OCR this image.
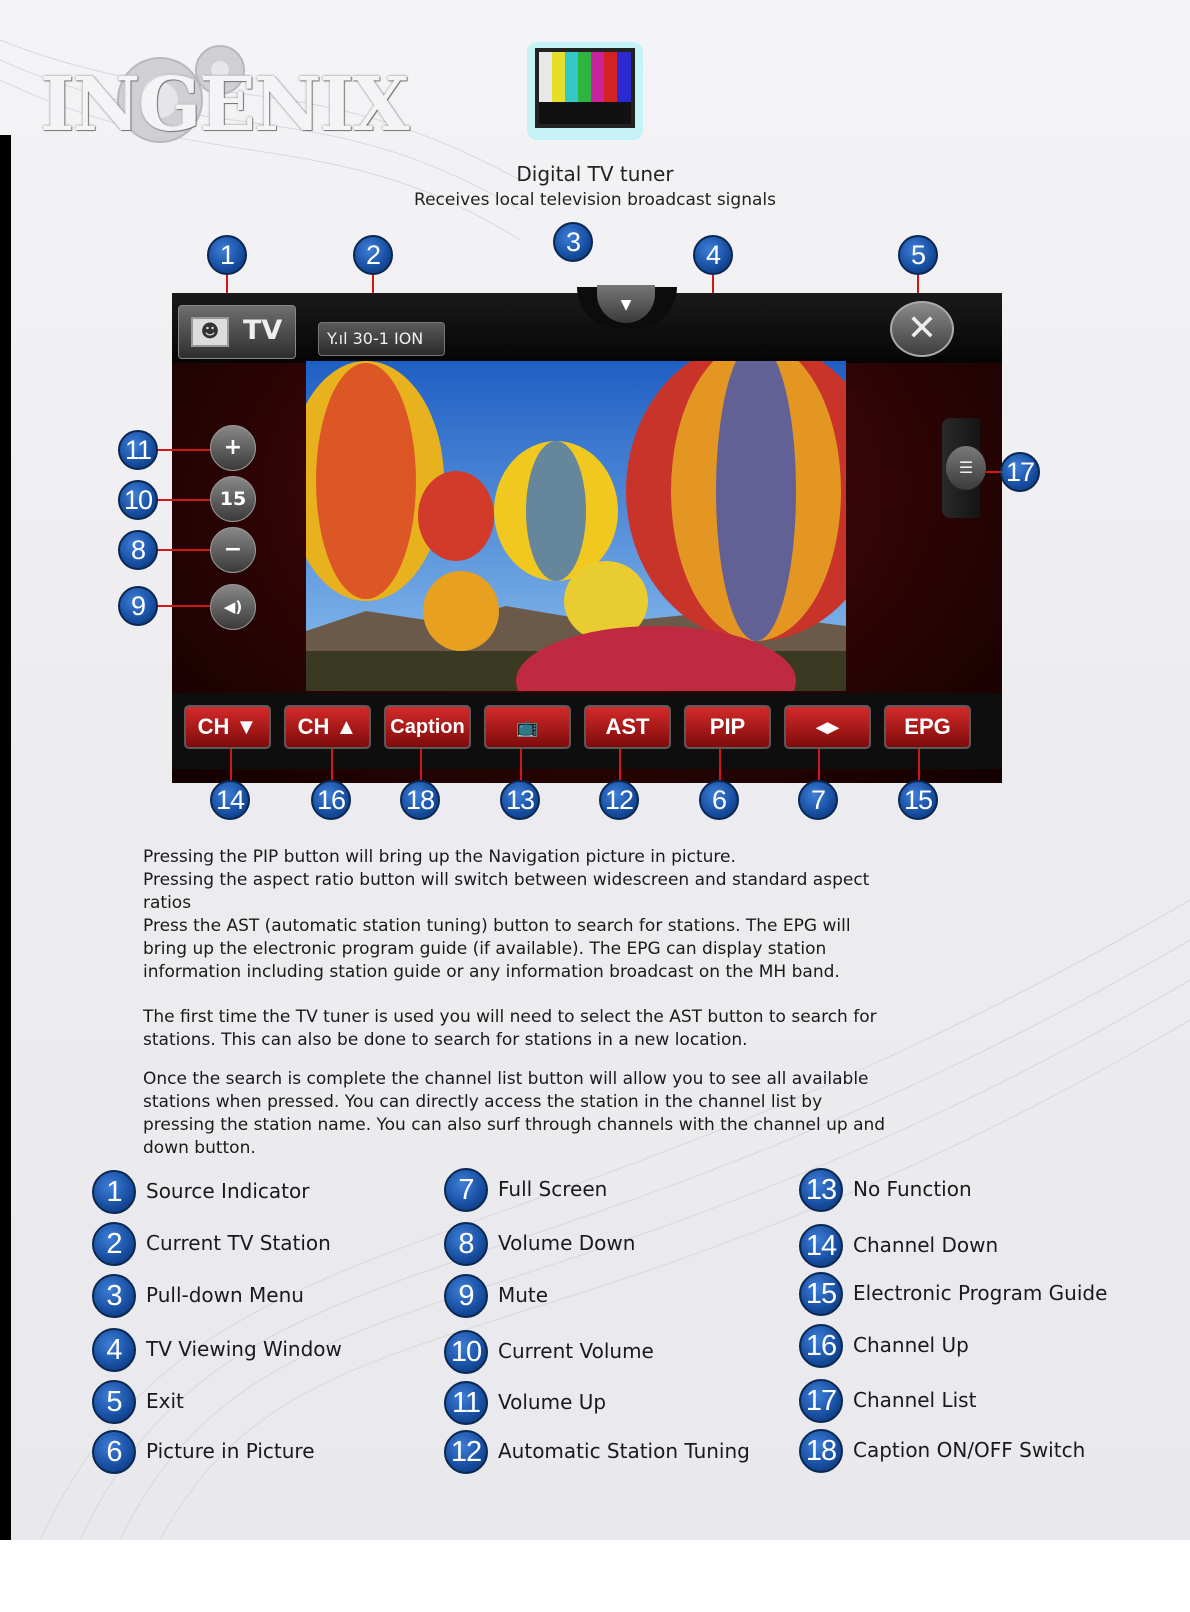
INGENIX
Digital TV tuner
Receives local television broadcast signals
1	2	3	4	5
☻ TV	Y.ıl 30-1 ION
▼
✕
+
15
−
◀)
☰
CH ▼	CH ▲	Caption	📺	AST	PIP	◂▸	EPG
11
10
8
9
17
14	16 18	13	12	6	7	15
Pressing the PIP button will bring up the Navigation picture in picture.
Pressing the aspect ratio button will switch between widescreen and standard aspect
ratios
Press the AST (automatic station tuning) button to search for stations. The EPG will
bring up the electronic program guide (if available). The EPG can display station
information including station guide or any information broadcast on the MH band.
The first time the TV tuner is used you will need to select the AST button to search for
stations. This can also be done to search for stations in a new location.
Once the search is complete the channel list button will allow you to see all available
stations when pressed. You can directly access the station in the channel list by
pressing the station name. You can also surf through channels with the channel up and
down button.
1	Source Indicator
2	Current TV Station
3	Pull-down Menu
4	TV Viewing Window
5	Exit
6	Picture in Picture
7	Full Screen
8	Volume Down
9	Mute
10 Current Volume
11 Volume Up
12 Automatic Station Tuning
13 No Function
14 Channel Down
15 Electronic Program Guide
16 Channel Up
17 Channel List
18 Caption ON/OFF Switch
